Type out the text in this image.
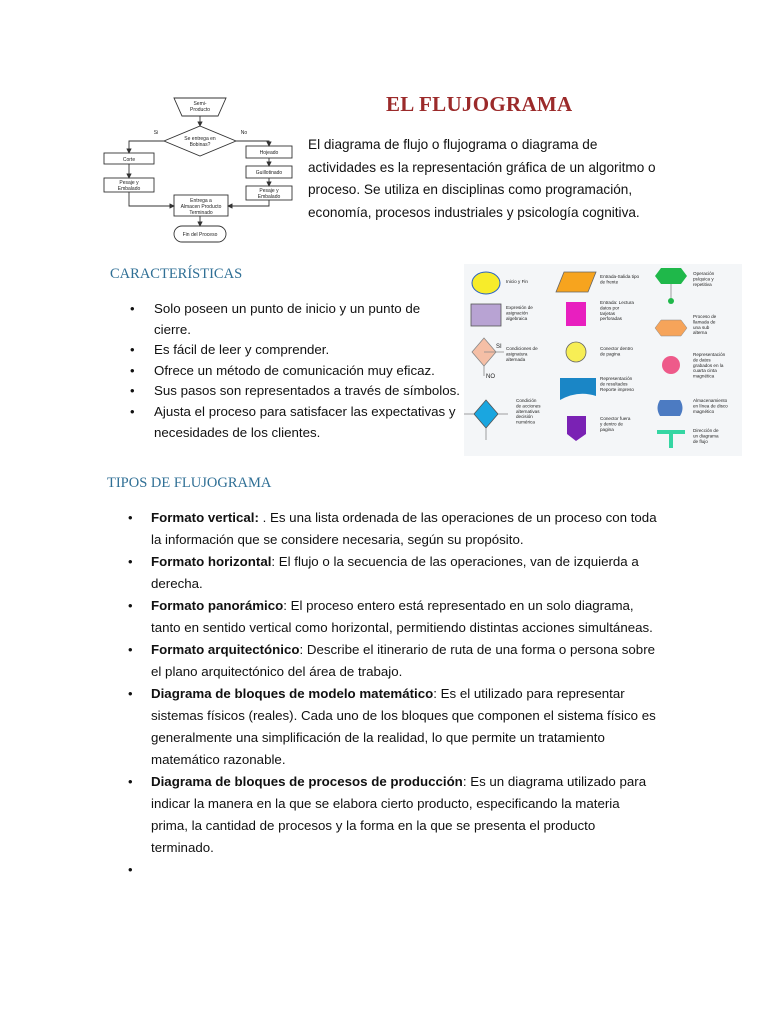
Semi-Producto
Se entrega en Bobinas?
Si	No
Corte
Pesaje y Embalado
Hojeado
Guillotinado
Pesaje y Embalado
Entrega a Almacen Producto Terminado
Fin del Proceso
EL FLUJOGRAMA

El diagrama de flujo o flujograma o diagrama de actividades es la representación gráfica de un algoritmo o proceso. Se utiliza en disciplinas como programación, economía, procesos industriales y psicología cognitiva.

CARACTERÍSTICAS
• Solo poseen un punto de inicio y un punto de cierre.
• Es fácil de leer y comprender.
• Ofrece un método de comunicación muy eficaz.
• Sus pasos son representados a través de símbolos.
• Ajusta el proceso para satisfacer las expectativas y necesidades de los clientes.
Inicio y Fin
Entrada-Salida tipo de frente
Operación psíquica y repetitiva
Expresión de asignación algebraica
Entrada: Lectura datos por tarjetas perforadas	Proceso de llamada de una sub alterna
Condiciones de asignatura alternada
Conector dentro de pagina	Representación de datos grabados en la cuarta cinta magnética
Representación de resultados Reporte impreso
Almacenamiento en línea de disco magnético
Condición de acciones alternativas decisión numérica
Conector fuera y dentro de pagina	Dirección de un diagrama de flujo
SI
NO
TIPOS DE FLUJOGRAMA
• Formato vertical: . Es una lista ordenada de las operaciones de un proceso con toda la información que se considere necesaria, según su propósito.
• Formato horizontal: El flujo o la secuencia de las operaciones, van de izquierda a derecha.
• Formato panorámico: El proceso entero está representado en un solo diagrama, tanto en sentido vertical como horizontal, permitiendo distintas acciones simultáneas.
• Formato arquitectónico: Describe el itinerario de ruta de una forma o persona sobre el plano arquitectónico del área de trabajo.
• Diagrama de bloques de modelo matemático: Es el utilizado para representar sistemas físicos (reales). Cada uno de los bloques que componen el sistema físico es generalmente una simplificación de la realidad, lo que permite un tratamiento matemático razonable.
• Diagrama de bloques de procesos de producción: Es un diagrama utilizado para indicar la manera en la que se elabora cierto producto, especificando la materia prima, la cantidad de procesos y la forma en la que se presenta el producto terminado.
•
